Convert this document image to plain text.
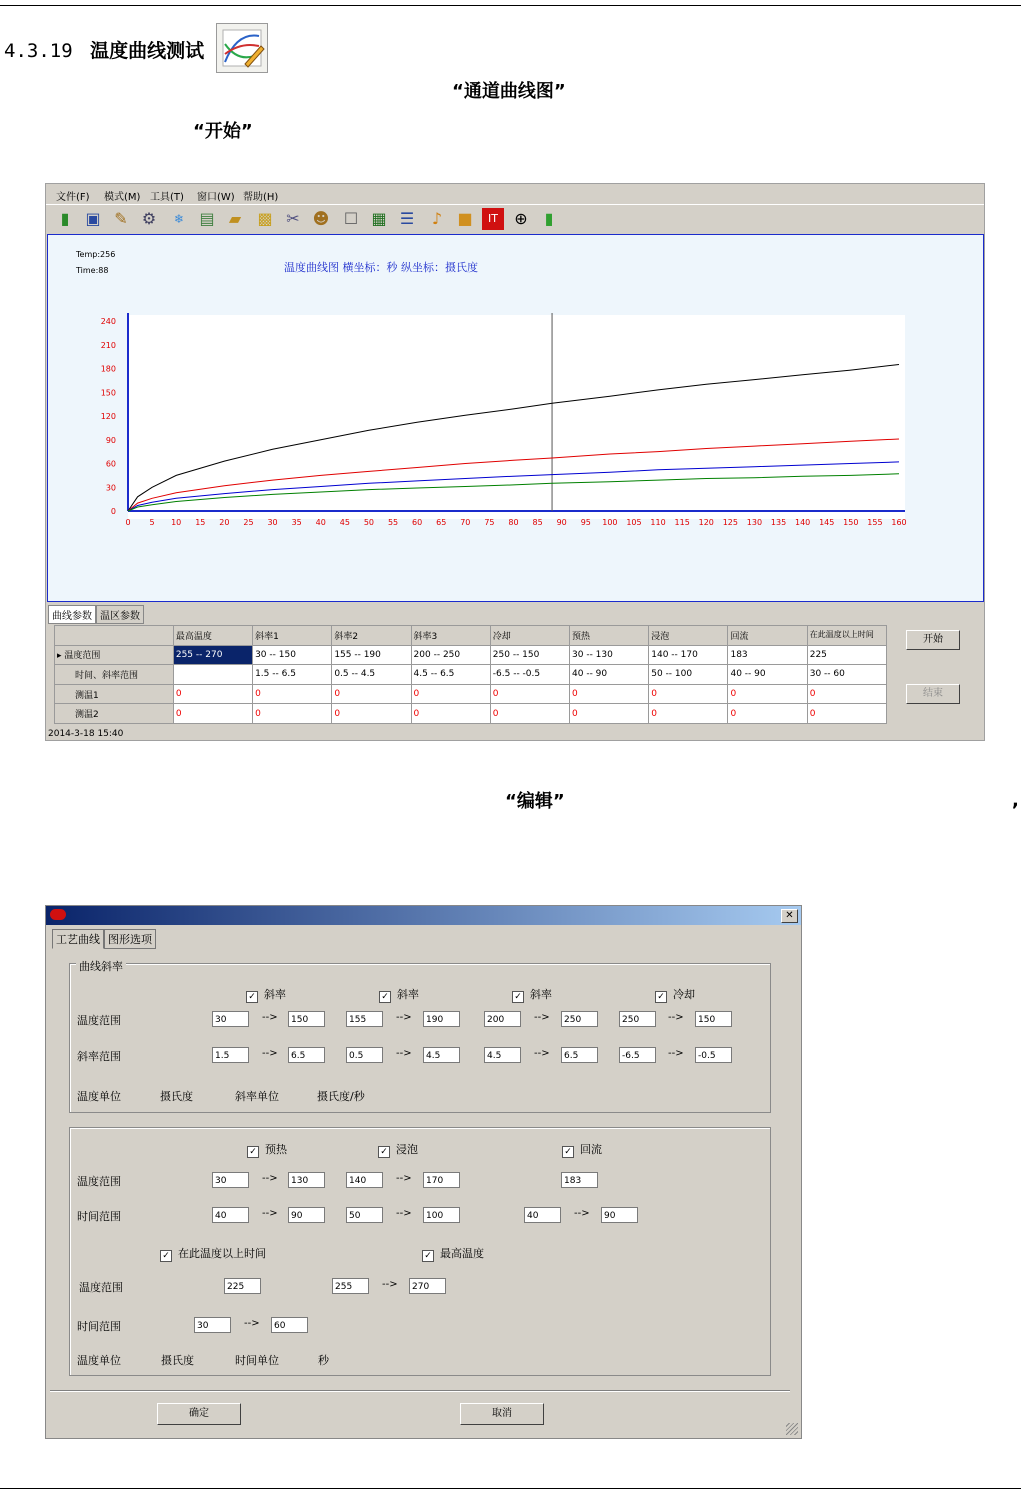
4.3.19 温度曲线测试
“通道曲线图”
“开始”
文件(F) 模式(M) 工具(T) 窗口(W) 帮助(H)
▮	▣ ✎ ⚙	❄ ▤ ▰	▩ ✂ ☻ ☐ ▦ ☰	♪ ■	IT	⊕	▮
Temp:256
Time:88	温度曲线图 横坐标：秒 纵坐标：摄氏度
0 5 10 15 20 25 30 35 40 45 50 55 60 65 70 75 80 85 90 95 100 105 110 115 120 125 130 135 140 145 150 155 160
0
30
60
90
120
150
180
210
240
曲线参数 温区参数
	最高温度	斜率1	斜率2	斜率3	冷却	预热	浸泡	回流	在此温度以上时间
▸ 温度范围	255 -- 270	30 -- 150	155 -- 190	200 -- 250	250 -- 150	30 -- 130	140 -- 170	183	225
时间、斜率范围		1.5 -- 6.5	0.5 -- 4.5	4.5 -- 6.5	-6.5 -- -0.5	40 -- 90	50 -- 100	40 -- 90	30 -- 60
测温1	0	0	0	0	0	0	0	0	0
测温2	0	0	0	0	0	0	0	0	0
开始
结束
2014-3-18 15:40
“编辑”	,
✕
工艺曲线 图形选项
曲线斜率
✓ 斜率	✓ 斜率	✓ 斜率	✓ 冷却
温度范围	30	-->	150	155	-->	190	200	-->	250	250	-->	150
斜率范围	1.5	-->	6.5	0.5	-->	4.5	4.5	-->	6.5	-6.5	-->	-0.5
温度单位	摄氏度	斜率单位	摄氏度/秒
✓ 预热	✓ 浸泡	✓ 回流
温度范围	30	-->	130	140	-->	170	183
时间范围	40	-->	90	50	-->	100	40	-->	90
✓ 在此温度以上时间	✓ 最高温度
温度范围	225	255	-->	270
时间范围	30	-->	60
温度单位	摄氏度	时间单位	秒
确定	取消
